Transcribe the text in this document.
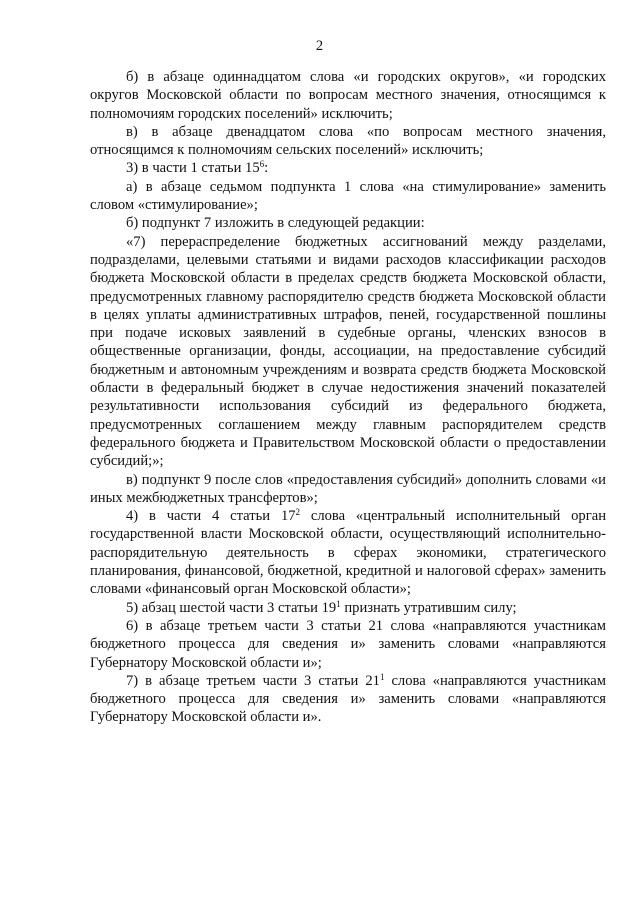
2

б) в абзаце одиннадцатом слова «и городских округов», «и городских округов Московской области по вопросам местного значения, относящимся к полномочиям городских поселений» исключить;

в) в абзаце двенадцатом слова «по вопросам местного значения, относящимся к полномочиям сельских поселений» исключить;

3) в части 1 статьи $15^6$:

а) в абзаце седьмом подпункта 1 слова «на стимулирование» заменить словом «стимулирование»;

б) подпункт 7 изложить в следующей редакции:

«7) перераспределение бюджетных ассигнований между разделами, подразделами, целевыми статьями и видами расходов классификации расходов бюджета Московской области в пределах средств бюджета Московской области, предусмотренных главному распорядителю средств бюджета Московской области в целях уплаты административных штрафов, пеней, государственной пошлины при подаче исковых заявлений в судебные органы, членских взносов в общественные организации, фонды, ассоциации, на предоставление субсидий бюджетным и автономным учреждениям и возврата средств бюджета Московской области в федеральный бюджет в случае недостижения значений показателей результативности использования субсидий из федерального бюджета, предусмотренных соглашением между главным распорядителем средств федерального бюджета и Правительством Московской области о предоставлении субсидий;»;

в) подпункт 9 после слов «предоставления субсидий» дополнить словами «и иных межбюджетных трансфертов»;

4) в части 4 статьи $17^2$ слова «центральный исполнительный орган государственной власти Московской области, осуществляющий исполнительно-распорядительную деятельность в сферах экономики, стратегического планирования, финансовой, бюджетной, кредитной и налоговой сферах» заменить словами «финансовый орган Московской области»;

5) абзац шестой части 3 статьи $19^1$ признать утратившим силу;

6) в абзаце третьем части 3 статьи 21 слова «направляются участникам бюджетного процесса для сведения и» заменить словами «направляются Губернатору Московской области и»;

7) в абзаце третьем части 3 статьи $21^1$ слова «направляются участникам бюджетного процесса для сведения и» заменить словами «направляются Губернатору Московской области и».
